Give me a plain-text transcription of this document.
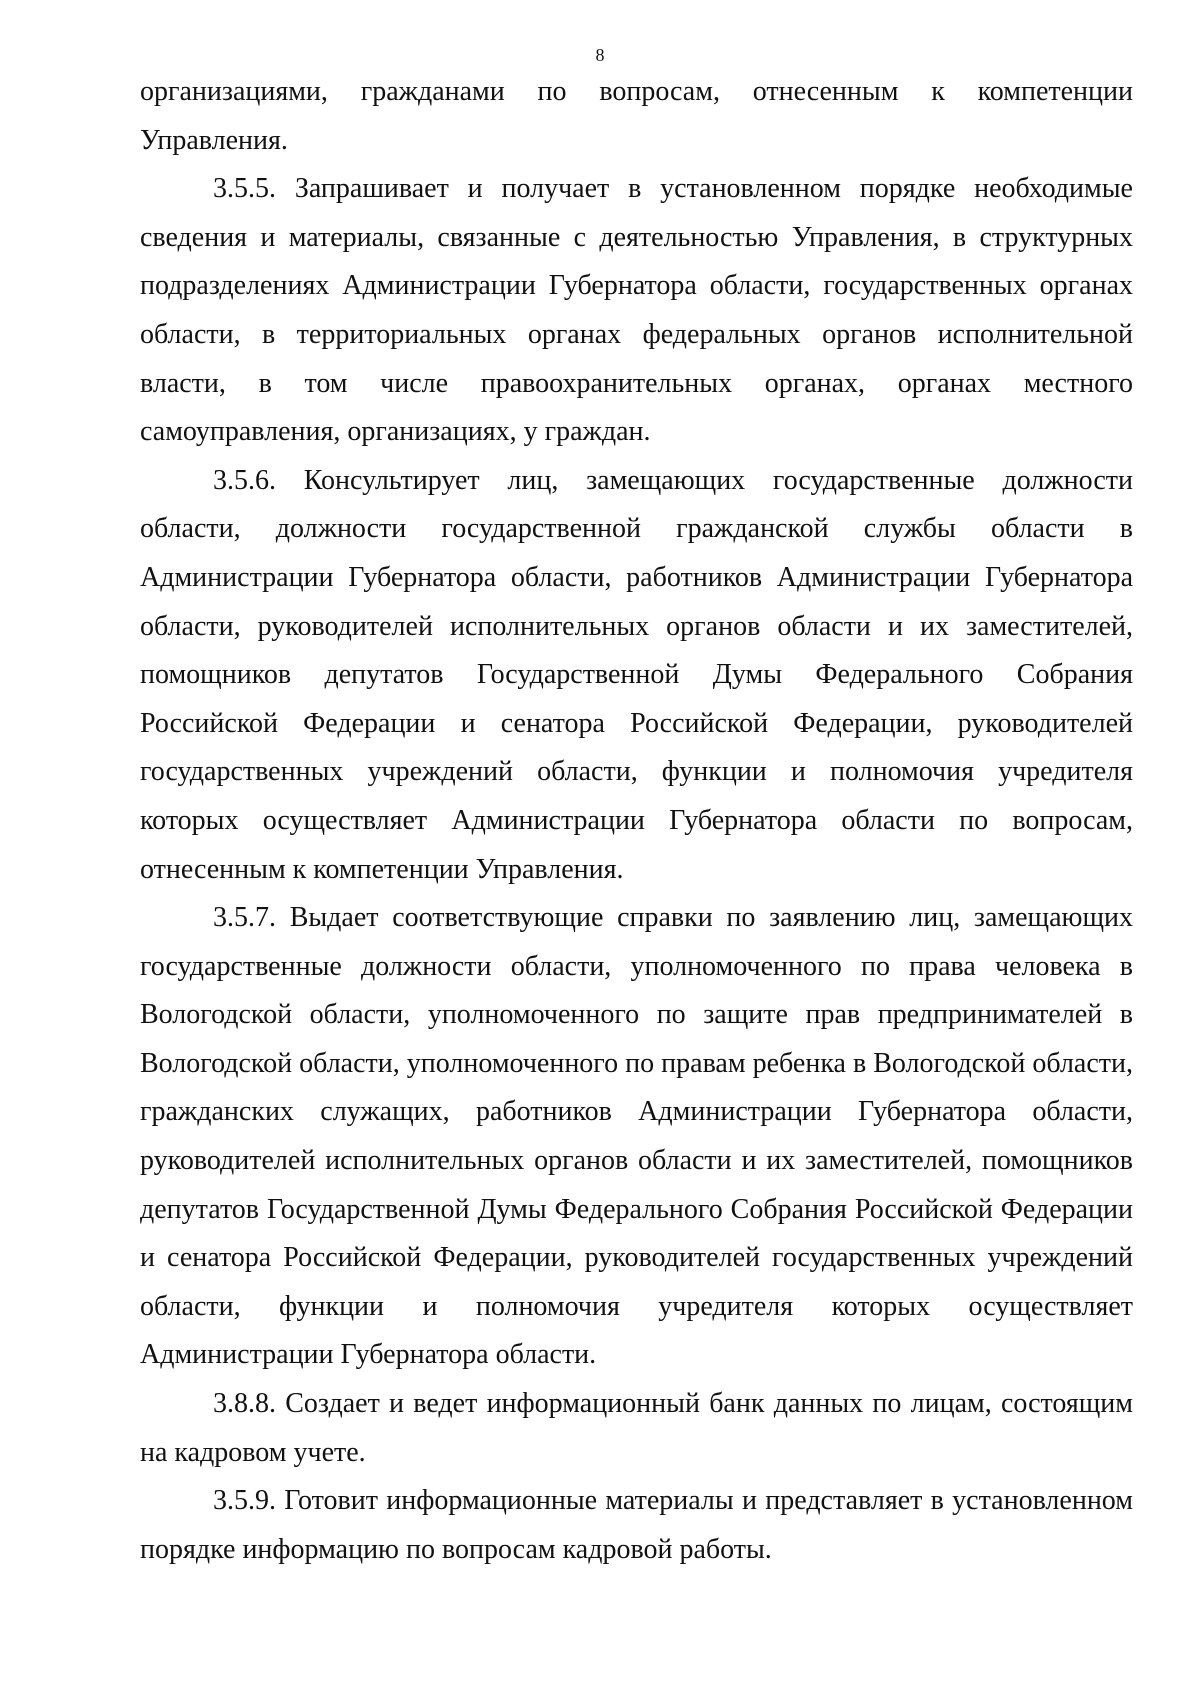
8

организациями, гражданами по вопросам, отнесенным к компетенции Управления.

3.5.5. Запрашивает и получает в установленном порядке необходимые сведения и материалы, связанные с деятельностью Управления, в структурных подразделениях Администрации Губернатора области, государственных органах области, в территориальных органах федеральных органов исполнительной власти, в том числе правоохранительных органах, органах местного самоуправления, организациях, у граждан.

3.5.6. Консультирует лиц, замещающих государственные должности области, должности государственной гражданской службы области в Администрации Губернатора области, работников Администрации Губернатора области, руководителей исполнительных органов области и их заместителей, помощников депутатов Государственной Думы Федерального Собрания Российской Федерации и сенатора Российской Федерации, руководителей государственных учреждений области, функции и полномочия учредителя которых осуществляет Администрации Губернатора области по вопросам, отнесенным к компетенции Управления.

3.5.7. Выдает соответствующие справки по заявлению лиц, замещающих государственные должности области, уполномоченного по права человека в Вологодской области, уполномоченного по защите прав предпринимателей в Вологодской области, уполномоченного по правам ребенка в Вологодской области, гражданских служащих, работников Администрации Губернатора области, руководителей исполнительных органов области и их заместителей, помощников депутатов Государственной Думы Федерального Собрания Российской Федерации и сенатора Российской Федерации, руководителей государственных учреждений области, функции и полномочия учредителя которых осуществляет Администрации Губернатора области.

3.8.8. Создает и ведет информационный банк данных по лицам, состоящим на кадровом учете.

3.5.9. Готовит информационные материалы и представляет в установленном порядке информацию по вопросам кадровой работы.
